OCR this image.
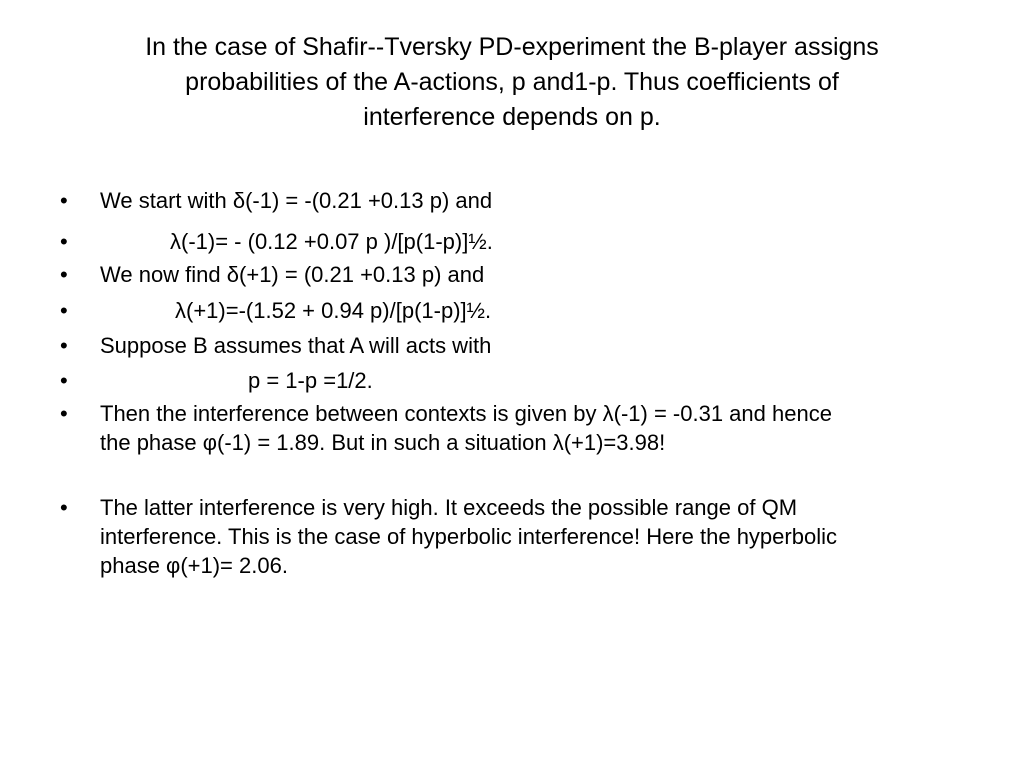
In the case of Shafir--Tversky PD-experiment the B-player assigns
probabilities of the A-actions, p and1-p. Thus coefficients of
interference depends on p.
• We start with δ(-1) = -(0.21 +0.13 p) and
•	λ(-1)= - (0.12 +0.07 p )/[p(1-p)]½.
• We now find δ(+1) = (0.21 +0.13 p) and
•	λ(+1)=-(1.52 + 0.94 p)/[p(1-p)]½.
• Suppose B assumes that A will acts with
•	p = 1-p =1/2.
• Then the interference between contexts is given by λ(-1) = -0.31 and hence
the phase φ(-1) = 1.89. But in such a situation λ(+1)=3.98!
• The latter interference is very high. It exceeds the possible range of QM
interference. This is the case of hyperbolic interference! Here the hyperbolic
phase φ(+1)= 2.06.
